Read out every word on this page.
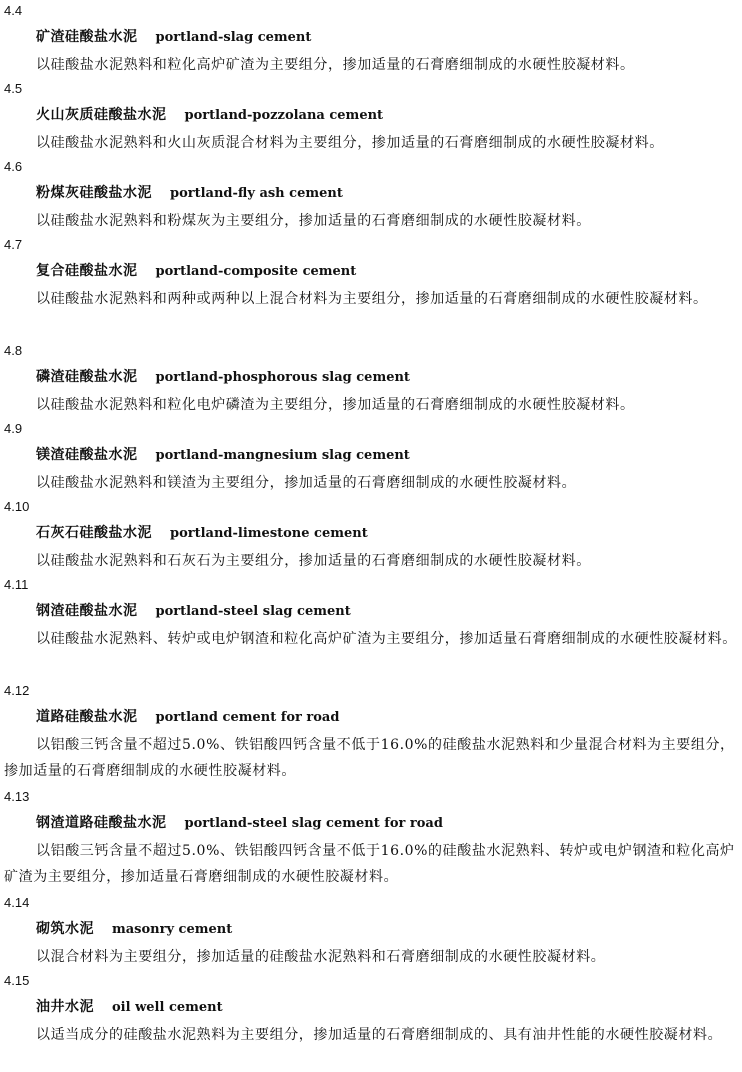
4.4
矿渣硅酸盐水泥 portland-slag cement

以硅酸盐水泥熟料和粒化高炉矿渣为主要组分，掺加适量的石膏磨细制成的水硬性胶凝材料。

4.5
火山灰质硅酸盐水泥 portland-pozzolana cement

以硅酸盐水泥熟料和火山灰质混合材料为主要组分，掺加适量的石膏磨细制成的水硬性胶凝材料。

4.6
粉煤灰硅酸盐水泥 portland-fly ash cement

以硅酸盐水泥熟料和粉煤灰为主要组分，掺加适量的石膏磨细制成的水硬性胶凝材料。

4.7
复合硅酸盐水泥 portland-composite cement

以硅酸盐水泥熟料和两种或两种以上混合材料为主要组分，掺加适量的石膏磨细制成的水硬性胶凝材料。

4.8
磷渣硅酸盐水泥 portland-phosphorous slag cement

以硅酸盐水泥熟料和粒化电炉磷渣为主要组分，掺加适量的石膏磨细制成的水硬性胶凝材料。

4.9
镁渣硅酸盐水泥 portland-mangnesium slag cement

以硅酸盐水泥熟料和镁渣为主要组分，掺加适量的石膏磨细制成的水硬性胶凝材料。

4.10
石灰石硅酸盐水泥 portland-limestone cement

以硅酸盐水泥熟料和石灰石为主要组分，掺加适量的石膏磨细制成的水硬性胶凝材料。

4.11
钢渣硅酸盐水泥 portland-steel slag cement

以硅酸盐水泥熟料、转炉或电炉钢渣和粒化高炉矿渣为主要组分，掺加适量石膏磨细制成的水硬性胶凝材料。

4.12
道路硅酸盐水泥 portland cement for road

以铝酸三钙含量不超过5.0%、铁铝酸四钙含量不低于16.0%的硅酸盐水泥熟料和少量混合材料为主要组分，掺加适量的石膏磨细制成的水硬性胶凝材料。

4.13
钢渣道路硅酸盐水泥 portland-steel slag cement for road

以铝酸三钙含量不超过5.0%、铁铝酸四钙含量不低于16.0%的硅酸盐水泥熟料、转炉或电炉钢渣和粒化高炉矿渣为主要组分，掺加适量石膏磨细制成的水硬性胶凝材料。

4.14
砌筑水泥 masonry cement

以混合材料为主要组分，掺加适量的硅酸盐水泥熟料和石膏磨细制成的水硬性胶凝材料。

4.15
油井水泥 oil well cement

以适当成分的硅酸盐水泥熟料为主要组分，掺加适量的石膏磨细制成的、具有油井性能的水硬性胶凝材料。
